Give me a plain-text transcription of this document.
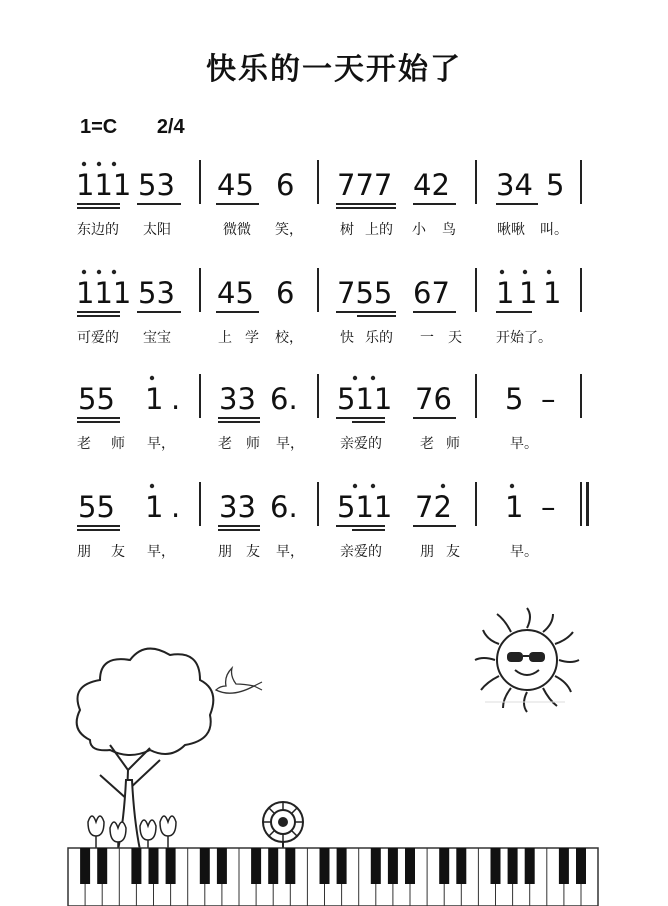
快乐的一天开始了
1=C 2/4
111 53 45 6 777 42 34 5
东边的 太阳	微微 笑，	树 上的 小 鸟	啾啾 叫。
111 53 45 6 755 67 1 1 1
可爱的 宝宝	上 学 校，	快 乐的 一 天 开始了。
55 1 . 33 6. 511 76 5 –
老 师 早，	老 师 早，	亲爱的	老 师	早。
55 1 . 33 6. 511 72 1 –
朋 友 早，	朋 友 早，	亲爱的	朋 友	早。
